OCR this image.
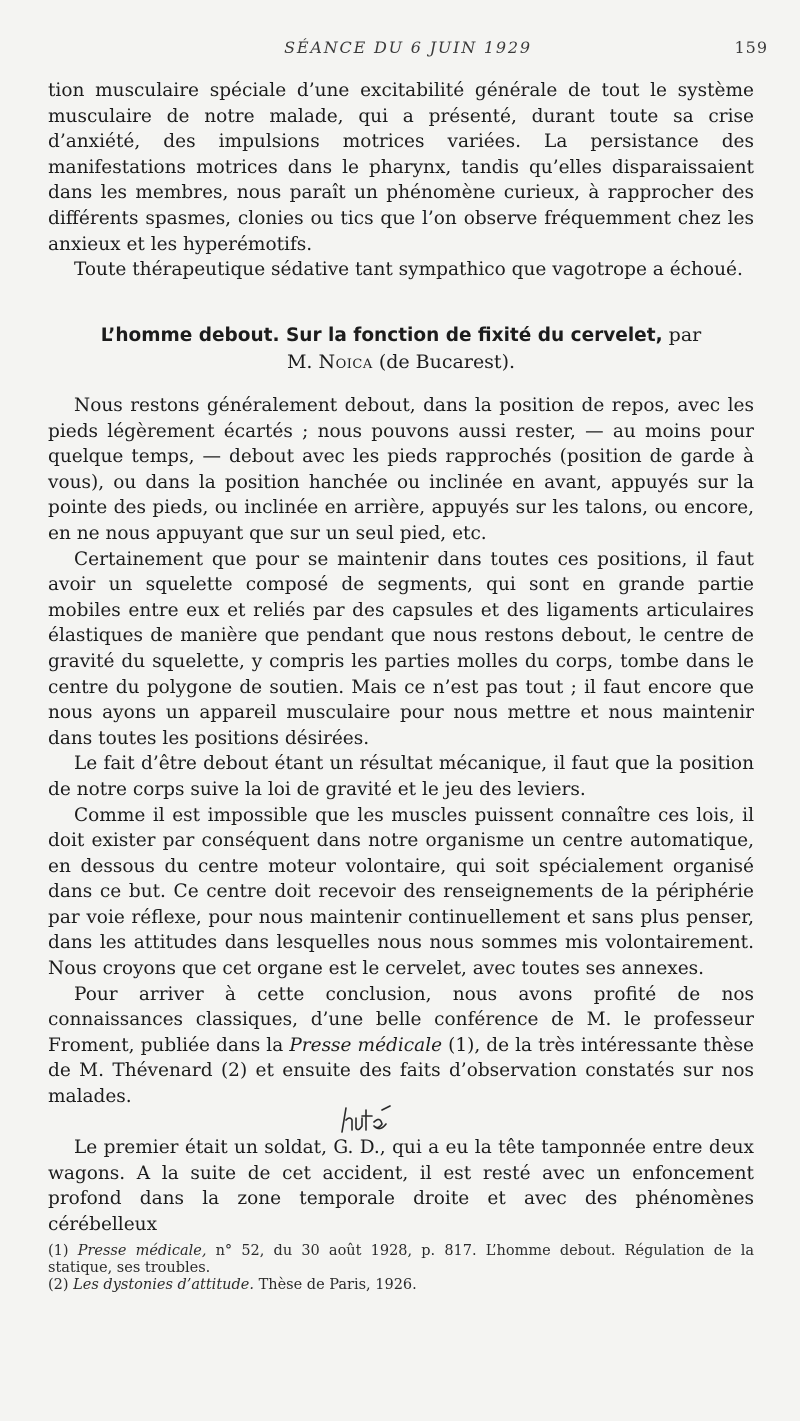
SÉANCE DU 6 JUIN 1929	159

tion musculaire spéciale d’une excitabilité générale de tout le système musculaire de notre malade, qui a présenté, durant toute sa crise d’anxiété, des impulsions motrices variées. La persistance des manifestations motrices dans le pharynx, tandis qu’elles disparaissaient dans les membres, nous paraît un phénomène curieux, à rapprocher des différents spasmes, clonies ou tics que l’on observe fréquemment chez les anxieux et les hyperémotifs.

Toute thérapeutique sédative tant sympathico que vagotrope a échoué.

L’homme debout. Sur la fonction de fixité du cervelet, par
M. Noica (de Bucarest).

Nous restons généralement debout, dans la position de repos, avec les pieds légèrement écartés ; nous pouvons aussi rester, — au moins pour quelque temps, — debout avec les pieds rapprochés (position de garde à vous), ou dans la position hanchée ou inclinée en avant, appuyés sur la pointe des pieds, ou inclinée en arrière, appuyés sur les talons, ou encore, en ne nous appuyant que sur un seul pied, etc.

Certainement que pour se maintenir dans toutes ces positions, il faut avoir un squelette composé de segments, qui sont en grande partie mobiles entre eux et reliés par des capsules et des ligaments articulaires élastiques de manière que pendant que nous restons debout, le centre de gravité du squelette, y compris les parties molles du corps, tombe dans le centre du polygone de soutien. Mais ce n’est pas tout ; il faut encore que nous ayons un appareil musculaire pour nous mettre et nous maintenir dans toutes les positions désirées.

Le fait d’être debout étant un résultat mécanique, il faut que la position de notre corps suive la loi de gravité et le jeu des leviers.

Comme il est impossible que les muscles puissent connaître ces lois, il doit exister par conséquent dans notre organisme un centre automatique, en dessous du centre moteur volontaire, qui soit spécialement organisé dans ce but. Ce centre doit recevoir des renseignements de la périphérie par voie réflexe, pour nous maintenir continuellement et sans plus penser, dans les attitudes dans lesquelles nous nous sommes mis volontairement. Nous croyons que cet organe est le cervelet, avec toutes ses annexes.

Pour arriver à cette conclusion, nous avons profité de nos connaissances classiques, d’une belle conférence de M. le professeur Froment, publiée dans la Presse médicale (1), de la très intéressante thèse de M. Thévenard (2) et ensuite des faits d’observation constatés sur nos malades.

Le premier était un soldat, G. D., qui a eu la tête tamponnée entre deux wagons. A la suite de cet accident, il est resté avec un enfoncement profond dans la zone temporale droite et avec des phénomènes cérébelleux

(1) Presse médicale, n° 52, du 30 août 1928, p. 817. L’homme debout. Régulation de la statique, ses troubles.

(2) Les dystonies d’attitude. Thèse de Paris, 1926.
